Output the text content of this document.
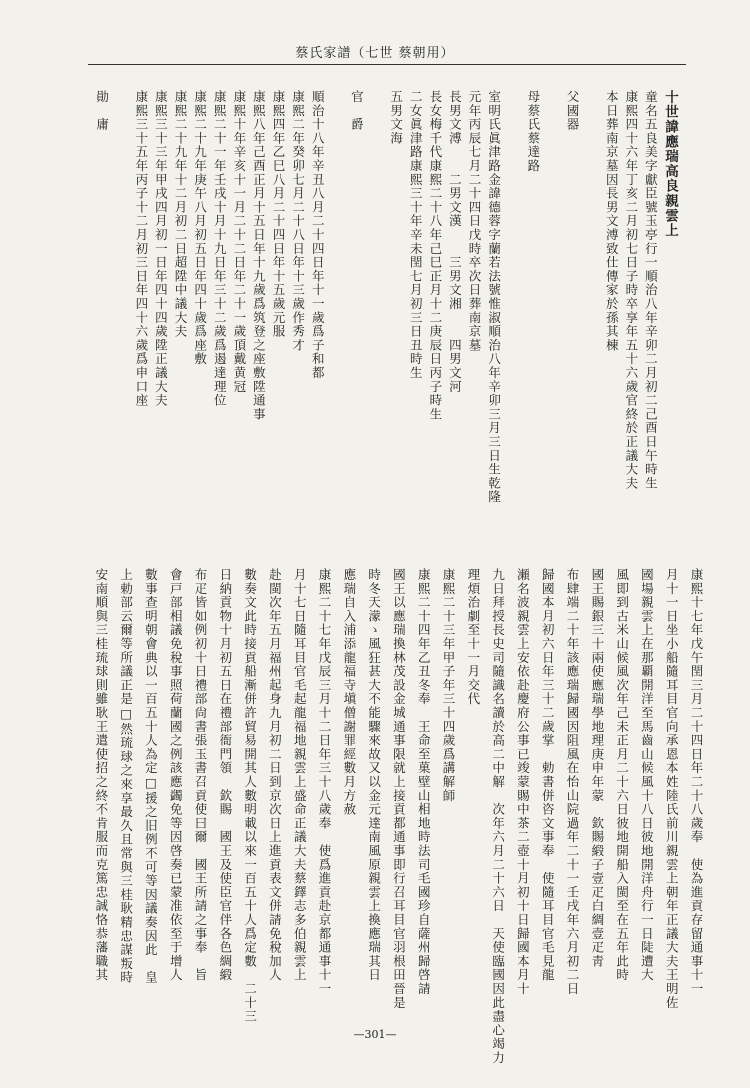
蔡氏家譜（七世 蔡朝用）
十世諱應瑞高良親雲上
童名五良美字獻臣號玉亭行一順治八年辛卯二月初二己酉日午時生
康熙四十六年丁亥二月初七日子時卒享年五十六歲官終於正議大夫
本日葬南京墓因長男文溥致仕傳家於孫其棟
父國器
母蔡氏蔡達路
室明氏眞津路金諱德蓉字蘭若法號惟淑順治八年辛卯三月三日生乾隆
元年丙辰七月二十四日戊時卒次日葬南京墓
長男文溥　　二男文漢　　三男文湘　　四男文河
長女梅千代康熙二十八年己巳正月十二庚辰日丙子時生
二女眞津路康熙三十年辛未閏七月初三日丑時生
五男文海
官　爵
順治十八年辛丑八月二十四日年十一歲爲子和都
康熙二年癸卯七月二十八日年十三歲作秀才
康熙四年乙巳八月二十四日年十五歲元服
康熙八年己酉正月十五日年十九歲爲筑登之座敷陞通事
康熙十年辛亥十一月二十二日年二十一歲頂戴黄冠
康熙二十一年壬戌十月十九日年三十二歲爲遏達理位
康熙二十九年庚午八月初五日年四十歲爲座敷
康熙二十九年十二月初二日超陞中議大夫
康熙三十三年甲戌四月初一日年四十四歲陞正議大夫
康熙三十五年丙子十二月初三日年四十六歲爲申口座
勛　庸
康熙十七年戊午閏三月二十四日年二十八歲奉　使為進貢存留通事十一
月十一日坐小船隨耳目官向承恩本姓陸氏前川親雲上朝年正議大夫王明佐
國場親雲上在那覇開洋至馬齒山候風十八日彼地開洋舟行一日陡遭大
風即到古米山候風次年己未正月二十六日彼地開船入閩至在五年此時
國王賜銀三十兩使應瑞學地理庚申年蒙　欽賜緞子壹疋白綢壹疋靑
布肆端二十年該應瑞歸國因阻風在怡山院過年二十一壬戌年六月初二日
歸國本月初六日年三十二歲掌　勅書併咨文事奉　使隨耳目官毛見龍
瀬名波親雲上安依赴慶府公事已竣蒙賜中茶二壺十月初十日歸國本月十
九日拜授長史司隨識名讀於高二中解　次年六月二十六日　天使臨國因此盡心竭力
理煩治劇至十一月交代
康熙二十三年甲子年三十四歲爲講解師
康熙二十四年乙丑冬奉　王命至菓壁山相地時法司毛國珍自薩州歸啓請
國王以應瑞換林茂設金城通事限就上接貢都通事即行召耳目官羽根田晉是
時冬天濛ゝ風狂甚大不能驟來故又以金元達南風原親雲上換應瑞其日
應瑞自入浦添龍福寺塡僧謝罪經數月方赦
康熙二十七年戊辰三月十二日年三十八歲奉　使爲進貢赴京都通事十一
月十七日隨耳目官毛起龍福地親雲上盛命正議大夫蔡鐸志多伯親雲上
赴閩次年五月福州起身九月初二日到京次日上進貢表文併請免稅加人
數奏文此時接貢船漸併許貿易開其人數明載以來一百五十人爲定數　二十三
日納貢物十月初五日在禮部衙門領　欽賜　國王及使臣官伴各色綢緞
布疋皆如例初十日禮部尙書張玉書召貢使曰爾　國王所請之事奉　旨
會戸部相議免稅事照荷蘭國之例該應蠲免等因啓奏已蒙准依至于增人
數事查明朝會典以一百五十人為定□援之旧例不可等因議奏因此　皇
上勅部云爾等所議正是□然琉球之來享最久且常與三桂耿精忠謀叛時
安南順與三桂琉球則雖耿王遣使招之終不肯服而克篤忠誠恪恭藩職其
—301—
